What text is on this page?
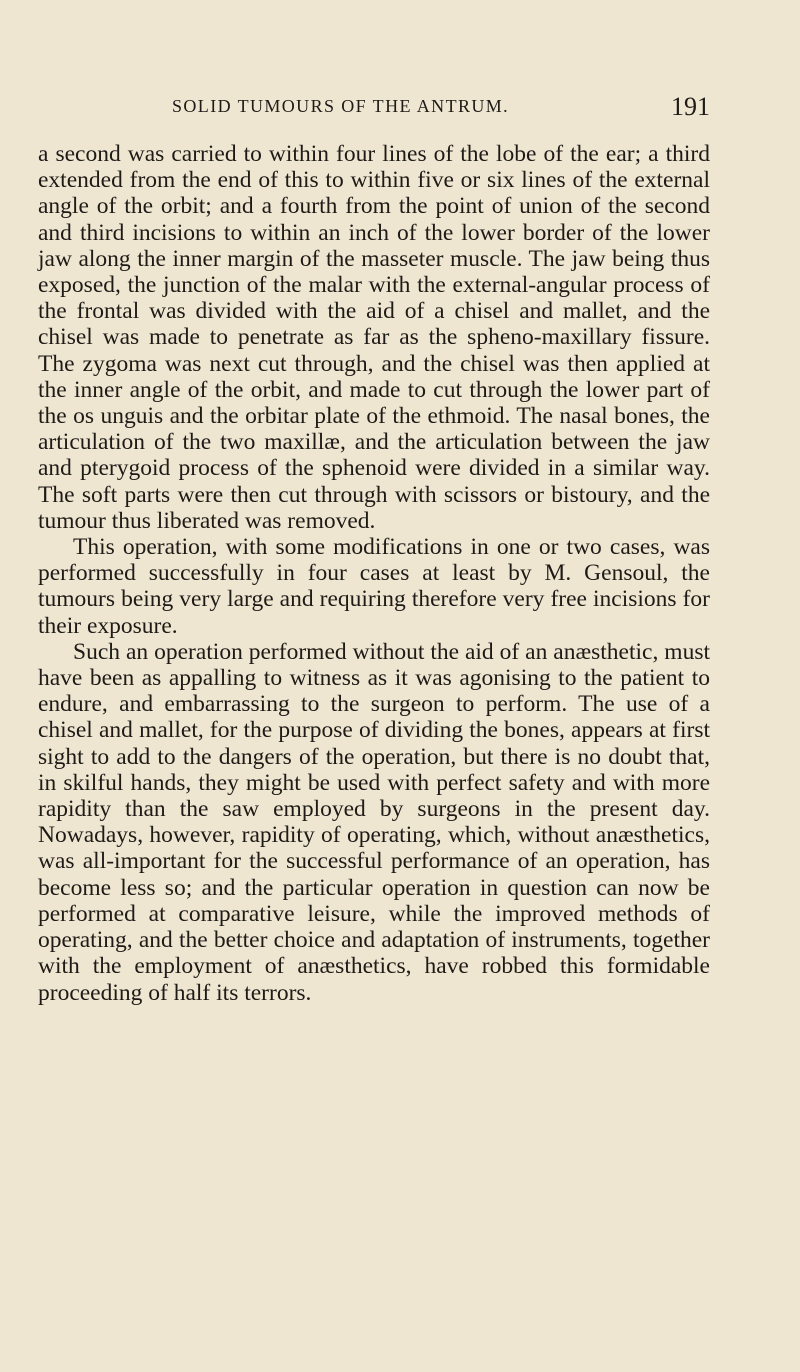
SOLID TUMOURS OF THE ANTRUM.	191

a second was carried to within four lines of the lobe of the ear; a third extended from the end of this to within five or six lines of the external angle of the orbit; and a fourth from the point of union of the second and third incisions to within an inch of the lower border of the lower jaw along the inner margin of the masseter muscle. The jaw being thus exposed, the junction of the malar with the external-angular process of the frontal was divided with the aid of a chisel and mallet, and the chisel was made to penetrate as far as the spheno-maxillary fissure. The zygoma was next cut through, and the chisel was then applied at the inner angle of the orbit, and made to cut through the lower part of the os unguis and the orbitar plate of the ethmoid. The nasal bones, the articulation of the two maxillæ, and the articulation between the jaw and pterygoid process of the sphenoid were divided in a similar way. The soft parts were then cut through with scissors or bistoury, and the tumour thus liberated was removed.

This operation, with some modifications in one or two cases, was performed successfully in four cases at least by M. Gensoul, the tumours being very large and requiring therefore very free incisions for their exposure.

Such an operation performed without the aid of an anæsthetic, must have been as appalling to witness as it was agonising to the patient to endure, and embarrassing to the surgeon to perform. The use of a chisel and mallet, for the purpose of dividing the bones, appears at first sight to add to the dangers of the operation, but there is no doubt that, in skilful hands, they might be used with perfect safety and with more rapidity than the saw employed by surgeons in the present day. Nowadays, however, rapidity of operating, which, without anæsthetics, was all-important for the successful performance of an operation, has become less so; and the particular operation in question can now be performed at comparative leisure, while the improved methods of operating, and the better choice and adaptation of instruments, together with the employment of anæsthetics, have robbed this formidable proceeding of half its terrors.
